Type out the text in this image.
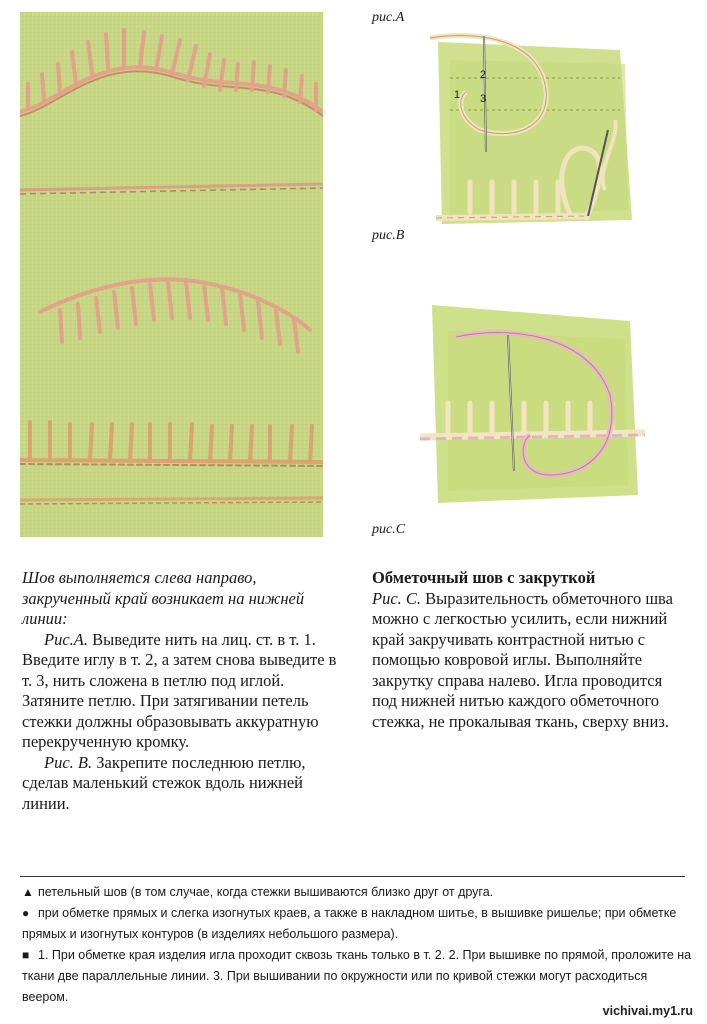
2
1 3
рис.A
рис.B
рис.C

Шов выполняется слева направо, закрученный край возникает на нижней линии:

Рис.А. Выведите нить на лиц. ст. в т. 1. Введите иглу в т. 2, а затем снова выведите в т. 3, нить сложена в петлю под иглой. Затяните петлю. При затягивании петель стежки должны образовывать аккуратную перекрученную кромку.

Рис. В. Закрепите последнюю петлю, сделав маленький стежок вдоль нижней линии.

Обметочный шов с закруткой

Рис. С. Выразительность обметочного шва можно с легкостью усилить, если нижний край закручивать контрастной нитью с помощью ковровой иглы. Выполняйте закрутку справа налево. Игла проводится под нижней нитью каждого обметочного стежка, не прокалывая ткань, сверху вниз.

▲ петельный шов (в том случае, когда стежки вышиваются близко друг от друга.
● при обметке прямых и слегка изогнутых краев, а также в накладном шитье, в вышивке ришелье; при обметке прямых и изогнутых контуров (в изделиях небольшого размера).
■ 1. При обметке края изделия игла проходит сквозь ткань только в т. 2. 2. При вышивке по прямой, проложите на ткани две параллельные линии. 3. При вышивании по окружности или по кривой стежки могут расходиться веером.
vichivai.my1.ru
